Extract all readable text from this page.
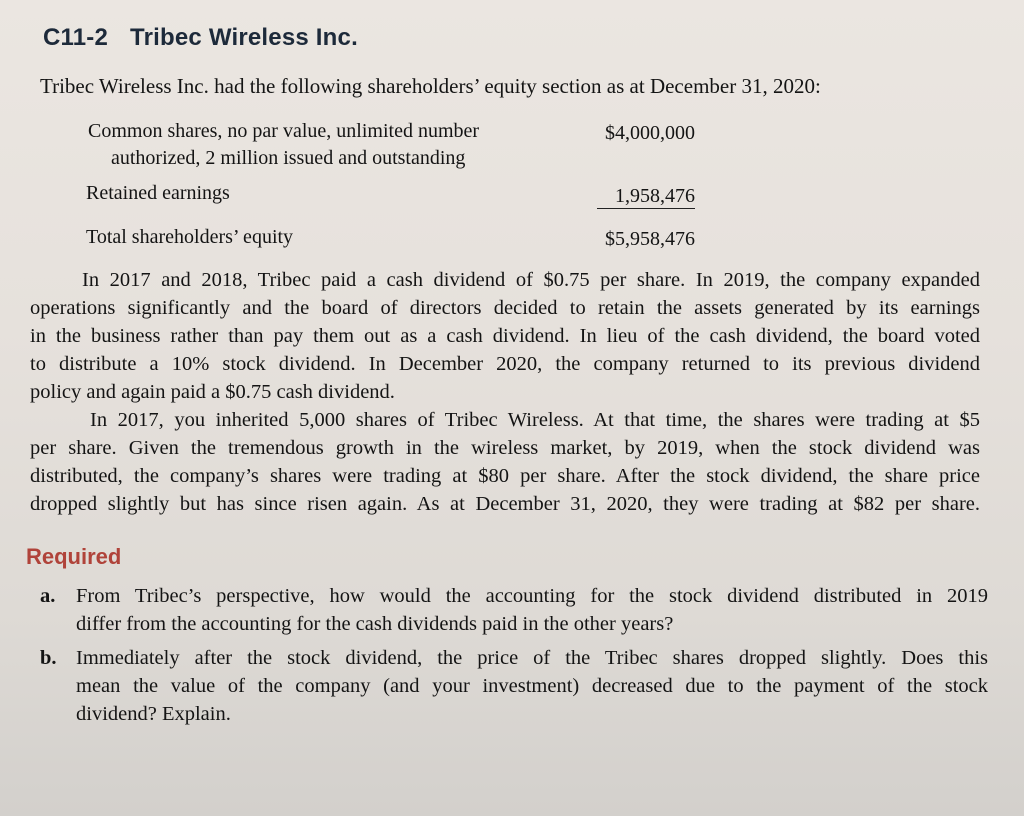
C11-2 Tribec Wireless Inc.
Tribec Wireless Inc. had the following shareholders’ equity section as at December 31, 2020:
Common shares, no par value, unlimited number
authorized, 2 million issued and outstanding
$4,000,000
Retained earnings	1,958,476
Total shareholders’ equity	$5,958,476
In 2017 and 2018, Tribec paid a cash dividend of $0.75 per share. In 2019, the company expanded
operations significantly and the board of directors decided to retain the assets generated by its earnings
in the business rather than pay them out as a cash dividend. In lieu of the cash dividend, the board voted
to distribute a 10% stock dividend. In December 2020, the company returned to its previous dividend
policy and again paid a $0.75 cash dividend.
In 2017, you inherited 5,000 shares of Tribec Wireless. At that time, the shares were trading at $5
per share. Given the tremendous growth in the wireless market, by 2019, when the stock dividend was
distributed, the company’s shares were trading at $80 per share. After the stock dividend, the share price
dropped slightly but has since risen again. As at December 31, 2020, they were trading at $82 per share.
Required
a. From Tribec’s perspective, how would the accounting for the stock dividend distributed in 2019
differ from the accounting for the cash dividends paid in the other years?
b. Immediately after the stock dividend, the price of the Tribec shares dropped slightly. Does this
mean the value of the company (and your investment) decreased due to the payment of the stock
dividend? Explain.
